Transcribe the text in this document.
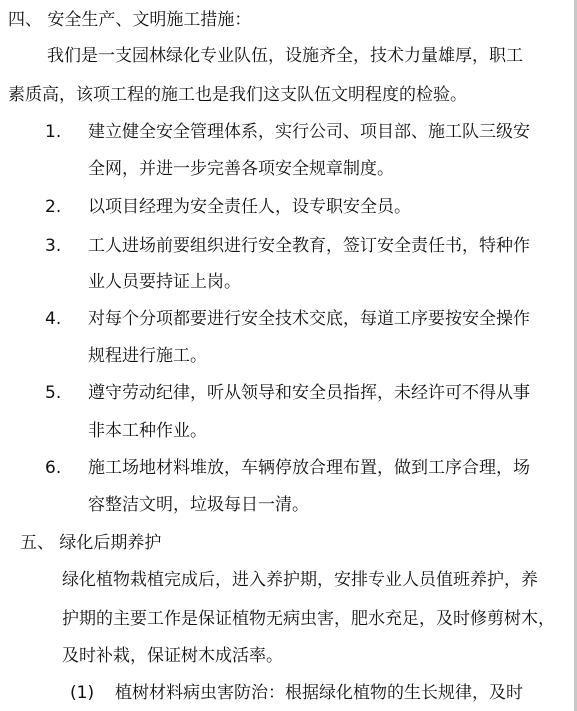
四、 安全生产、文明施工措施：
我们是一支园林绿化专业队伍，设施齐全，技术力量雄厚，职工
素质高，该项工程的施工也是我们这支队伍文明程度的检验。
1. 建立健全安全管理体系，实行公司、项目部、施工队三级安
全网，并进一步完善各项安全规章制度。
2. 以项目经理为安全责任人，设专职安全员。
3. 工人进场前要组织进行安全教育，签订安全责任书，特种作
业人员要持证上岗。
4. 对每个分项都要进行安全技术交底，每道工序要按安全操作
规程进行施工。
5. 遵守劳动纪律，听从领导和安全员指挥，未经许可不得从事
非本工种作业。
6. 施工场地材料堆放，车辆停放合理布置，做到工序合理，场
容整洁文明，垃圾每日一清。
五、 绿化后期养护
绿化植物栽植完成后，进入养护期，安排专业人员值班养护，养
护期的主要工作是保证植物无病虫害，肥水充足，及时修剪树木，
及时补栽，保证树木成活率。
(1) 植树材料病虫害防治：根据绿化植物的生长规律，及时
